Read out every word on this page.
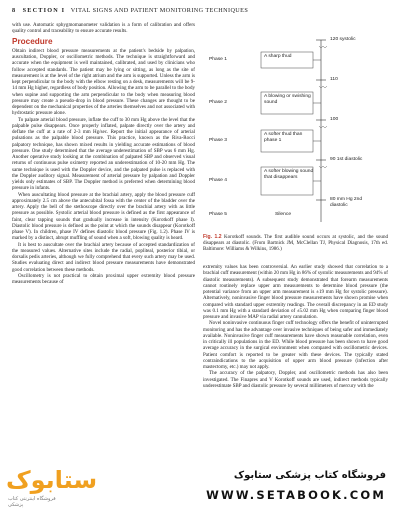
8 SECTION I VITAL SIGNS AND PATIENT MONITORING TECHNIQUES

with use. Automatic sphygmomanometer validation is a form of calibration and offers quality control and traceability to ensure accurate results.

Procedure

Obtain indirect blood pressure measurements at the patient's bedside by palpation, auscultation, Doppler, or oscillometric methods. The technique is straightforward and accurate when the equipment is well maintained, calibrated, and used by clinicians who follow accepted standards. The patient may be lying or sitting, as long as the site of measurement is at the level of the right atrium and the arm is supported. Unless the arm is kept perpendicular to the body with the elbow resting on a desk, measurements will be 9-14 mm Hg higher, regardless of body position. Allowing the arm to be parallel to the body when supine and supporting the arm perpendicular to the body when measuring blood pressure may create a pseudo-drop in blood pressure. These changes are thought to be dependent on the mechanical properties of the arteries themselves and not associated with hydrostatic pressure alone.

To palpate arterial blood pressure, inflate the cuff to 30 mm Hg above the level that the palpable pulse disappears. Once properly inflated, palpate directly over the artery and deflate the cuff at a rate of 2-3 mm Hg/sec. Report the initial appearance of arterial pulsations as the palpable blood pressure. This practice, known as the Riva-Rocci palpatory technique, has shown mixed results in yielding accurate estimations of blood pressure. One study determined that the average underestimation of SBP was 6 mm Hg. Another operative study looking at the combination of palpated SBP and observed visual returns of continuous pulse oximetry reported an underestimation of 10-20 mm Hg. The same technique is used with the Doppler device, and the palpated pulse is replaced with the Doppler auditory signal. Measurement of arterial pressure by palpation and Doppler yields only estimates of SBP. The Doppler method is preferred when determining blood pressure in infants.

When auscultating blood pressure at the brachial artery, apply the blood pressure cuff approximately 2.5 cm above the antecubital fossa with the center of the bladder over the artery. Apply the bell of the stethoscope directly over the brachial artery with as little pressure as possible. Systolic arterial blood pressure is defined as the first appearance of faint, clear tapping sounds that gradually increase in intensity (Korotkoff phase I). Diastolic blood pressure is defined as the point at which the sounds disappear (Korotkoff phase V). In children, phase IV defines diastolic blood pressure (Fig. 1.2). Phase IV is marked by a distinct, abrupt muffling of sound when a soft, blowing quality is heard.

It is best to auscultate over the brachial artery because of accepted standardization of the measured values. Alternative sites include the radial, popliteal, posterior tibial, or dorsalis pedis arteries, although we fully comprehend that every such artery may be used. Studies evaluating direct and indirect blood pressure measurements have demonstrated good correlation between these methods.

Oscillometry is not practical to obtain proximal upper extremity blood pressure measurements because of

Phase 1
Phase 2
Phase 3
Phase 4
Phase 5
A sharp thud
A blowing or swishing sound
A softer thud than phase 1
A softer blowing sound that disappears
Silence
120 systolic
110
100
90 1st diastolic
80 mm Hg 2nd diastolic
Fig. 1.2 Korotkoff sounds. The first audible sound occurs at systolic, and the sound disappears at diastolic. (From Bartnick JM, McClellan TJ, Physical Diagnosis, 17th ed. Baltimore: Williams & Wilkins, 1986.)

extremity values has been controversial. An earlier study showed that correlation to a brachial cuff measurement (within 20 mm Hg in 86% of systolic measurements and 94% of diastolic measurements). A subsequent study demonstrated that forearm measurements cannot routinely replace upper arm measurements to determine blood pressure (the potential variance from an upper arm measurement is ±19 mm Hg for systolic pressure). Alternatively, noninvasive finger blood pressure measurements have shown promise when compared with standard upper extremity readings. The overall discrepancy in an ED study was 0.1 mm Hg with a standard deviation of ±5.02 mm Hg when comparing finger blood pressure and invasive MAP via radial artery cannulation.

Novel noninvasive continuous finger cuff technology offers the benefit of uninterrupted monitoring and has the advantage over invasive techniques of being safer and immediately available. Noninvasive finger cuff measurements have shown reasonable correlation, even in critically ill populations in the ED. While blood pressure has been shown to have good average accuracy in the surgical environment when compared with oscillometric devices. Patient comfort is reported to be greater with these devices. The typically stated contraindications to the acquisition of upper arm blood pressure (infection after mastectomy, etc.) may not apply.

The accuracy of the palpatory, Doppler, and oscillometric methods has also been investigated. The Finapres and V Korotkoff sounds are used, indirect methods typically underestimate SBP and diastolic pressure by several millimeters of mercury with the

ستابوک
فروشگاه اینترنتی کتاب پزشکی
فروشگاه کتاب پزشکی ستابوک
WWW.SETABOOK.COM
